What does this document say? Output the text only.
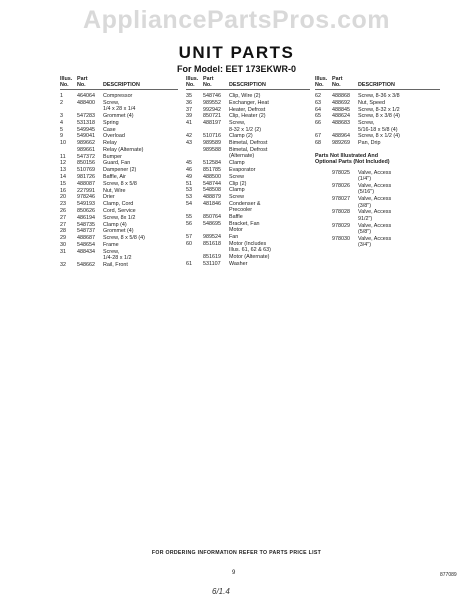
AppliancePartsPros.com
UNIT PARTS
For Model: EET 173EKWR-0
Illus.
No.
Part
No.	DESCRIPTION
1	464064	Compressor
2	488400	Screw,
1/4 x 28 x 1/4
3	547283	Grommet (4)
4	531318	Spring
5	549945	Case
9	549041	Overload
10	989662	Relay
989661	Relay (Alternate)
11	547372	Bumper
12	850156	Guard, Fan
13	510769	Dampener (2)
14	981726	Baffle, Air
15	488087	Screw, 8 x 5/8
16	227991	Nut, Wire
20	978246	Drier
23	549193	Clamp, Cord
26	850626	Cord, Service
27	486194	Screw, 8x 1/2
27	548735	Clamp (4)
28	548737	Grommet (4)
29	488687	Screw, 8 x 5/8 (4)
30	548654	Frame
31	488434	Screw,
1/4-28 x 1/2
32	548662	Rail, Front
Illus.
No.
Part
No.	DESCRIPTION
35	548746	Clip, Wire (2)
36	989552	Exchanger, Heat
37	992942	Heater, Defrost
39	850721	Clip, Heater (2)
41	488197	Screw,
8-32 x 1/2 (2)
42	510716	Clamp (2)
43	989589	Bimetal, Defrost
989588	Bimetal, Defrost
(Alternate)
45	512584	Clamp
46	851785	Evaporator
49	488500	Screw
51	548744	Clip (2)
53	548508	Clamp
53	488879	Screw
54	481846	Condenser &
Precooler
55	850764	Baffle
56	548695	Bracket, Fan
Motor
57	989524	Fan
60	851618	Motor (Includes
Illus. 61, 62 & 63)
851619	Motor (Alternate)
61	531107	Washer
Illus.
No.
Part
No.	DESCRIPTION
62	488868	Screw, 8-36 x 3/8
63	488692	Nut, Speed
64	488845	Screw, 8-32 x 1/2
65	488624	Screw, 8 x 3/8 (4)
66	488683	Screw,
5/16-18 x 5/8 (4)
67	488964	Screw, 8 x 1/2 (4)
68	989269	Pan, Drip
Parts Not Illustrated And
Optional Parts (Not Included)
978025	Valve, Access
(1/4")
978026	Valve, Access
(5/16")
978027	Valve, Access
(3/8")
978028	Valve, Access
91/2")
978029	Valve, Access
(5/8")
978030	Valve, Access
(3/4")
FOR ORDERING INFORMATION REFER TO PARTS PRICE LIST
9	877089
6/1.4
